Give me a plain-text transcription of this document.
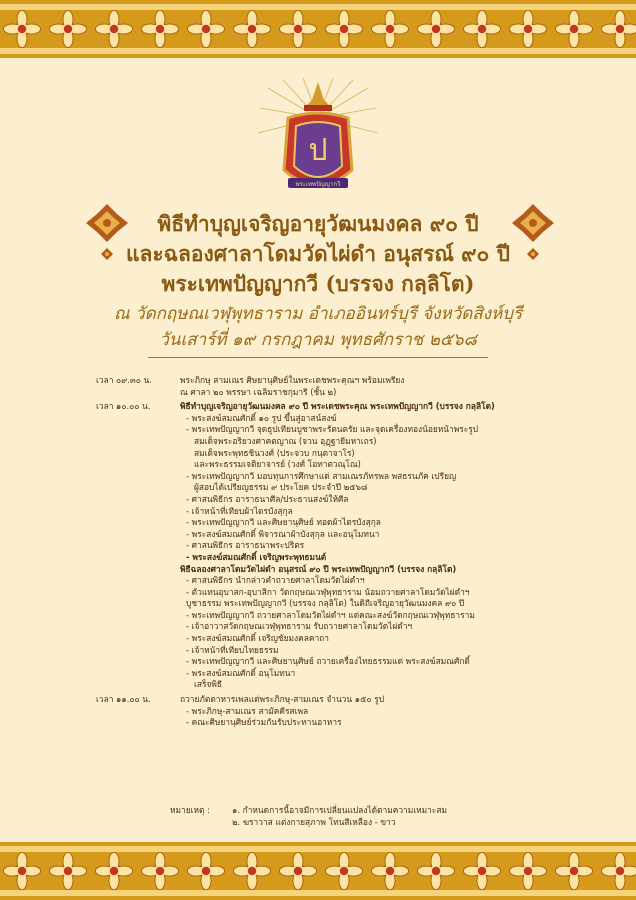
ป
พระเทพปัญญากวี
พิธีทำบุญเจริญอายุวัฒนมงคล ๙๐ ปี
และฉลองศาลาโดมวัดไผ่ดำ อนุสรณ์ ๙๐ ปี
พระเทพปัญญากวี (บรรจง กลฺลิโต)
ณ วัดกฤษณเวฬุพุทธาราม อำเภออินทร์บุรี จังหวัดสิงห์บุรี
วันเสาร์ที่ ๑๙ กรกฎาคม พุทธศักราช ๒๕๖๘
เวลา ๐๙.๓๐ น.	พระภิกษุ สามเณร ศิษยานุศิษย์ในพระเดชพระคุณฯ พร้อมเพรียง
ณ ศาลา ๒๐ พรรษา เฉลิมราชกุมารี (ชั้น ๒)
เวลา ๑๐.๐๐ น.	พิธีทำบุญเจริญอายุวัฒนมงคล ๙๐ ปี พระเดชพระคุณ พระเทพปัญญากวี (บรรจง กลฺลิโต)
- พระสงฆ์สมณศักดิ์ ๑๐ รูป ขึ้นสู่อาสน์สงฆ์
- พระเทพปัญญากวี จุดธูปเทียนบูชาพระรัตนตรัย และจุดเครื่องทองน้อยหน้าพระรูป
สมเด็จพระอริยวงศาคตญาณ (จวน อุฏฺฐายีมหาเถร)
สมเด็จพระพุทธชินวงศ์ (ประจวบ กนฺตาจาโร)
และพระธรรมเจติยาจารย์ (วงศ์ โอทาตวณฺโณ)
- พระเทพปัญญากวี มอบทุนการศึกษาแด่ สามเณรภัทรพล พสธรนภัค เปรียญ
ผู้สอบได้เปรียญธรรม ๙ ประโยค ประจำปี ๒๕๖๘
- ศาสนพิธีกร อาราธนาศีล/ประธานสงฆ์ให้ศีล
- เจ้าหน้าที่เทียบผ้าไตรบังสุกุล
- พระเทพปัญญากวี และศิษยานุศิษย์ ทอดผ้าไตรบังสุกุล
- พระสงฆ์สมณศักดิ์ พิจารณาผ้าบังสุกุล และอนุโมทนา
- ศาสนพิธีกร อาราธนาพระปริตร
- พระสงฆ์สมณศักดิ์ เจริญพระพุทธมนต์
พิธีฉลองศาลาโดมวัดไผ่ดำ อนุสรณ์ ๙๐ ปี พระเทพปัญญากวี (บรรจง กลฺลิโต)
- ศาสนพิธีกร นำกล่าวคำถวายศาลาโดมวัดไผ่ดำฯ
- ตัวแทนอุบาสก-อุบาสิกา วัดกฤษณเวฬุพุทธาราม น้อมถวายศาลาโดมวัดไผ่ดำฯ
บูชาธรรม พระเทพปัญญากวี (บรรจง กลฺลิโต) ในดิถีเจริญอายุวัฒนมงคล ๙๐ ปี
- พระเทพปัญญากวี ถวายศาลาโดมวัดไผ่ดำฯ แด่คณะสงฆ์วัดกฤษณเวฬุพุทธาราม
- เจ้าอาวาสวัดกฤษณเวฬุพุทธาราม รับถวายศาลาโดมวัดไผ่ดำฯ
- พระสงฆ์สมณศักดิ์ เจริญชัยมงคลคาถา
- เจ้าหน้าที่เทียบไทยธรรม
- พระเทพปัญญากวี และศิษยานุศิษย์ ถวายเครื่องไทยธรรมแด่ พระสงฆ์สมณศักดิ์
- พระสงฆ์สมณศักดิ์ อนุโมทนา
เสร็จพิธี
เวลา ๑๑.๐๐ น.	ถวายภัตตาหารเพลแด่พระภิกษุ-สามเณร จำนวน ๑๕๐ รูป
- พระภิกษุ-สามเณร สามัคคีรสเพล
- คณะศิษยานุศิษย์ร่วมกันรับประทานอาหาร
หมายเหตุ :	๑. กำหนดการนี้อาจมีการเปลี่ยนแปลงได้ตามความเหมาะสม
๒. ฆราวาส แต่งกายสุภาพ โทนสีเหลือง - ขาว
